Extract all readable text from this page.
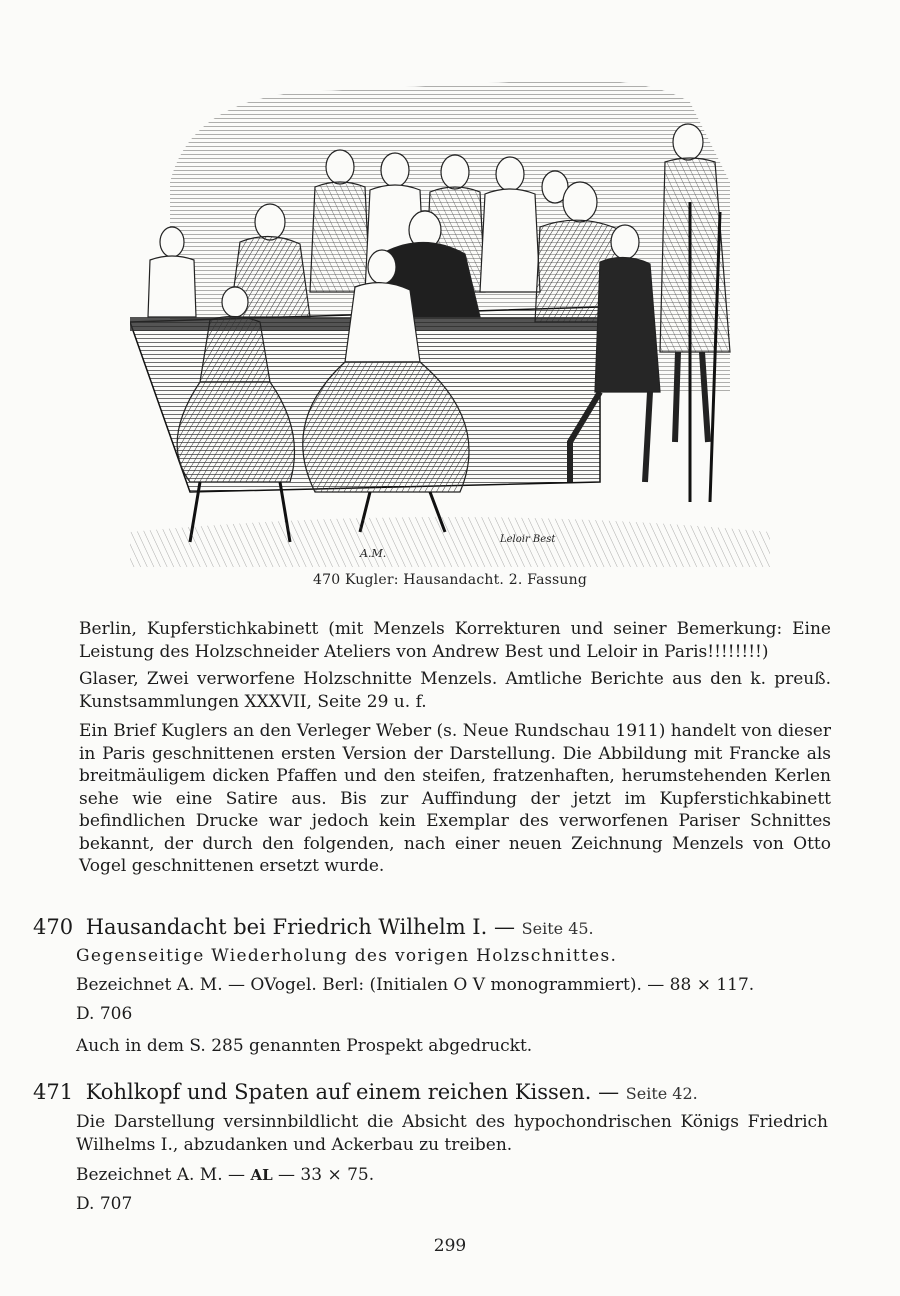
A.M.
Leloir Best
470 Kugler: Hausandacht. 2. Fassung
Berlin, Kupferstichkabinett (mit Menzels Korrekturen und seiner Bemerkung: Eine Leistung des Holzschneider Ateliers von Andrew Best und Leloir in Paris!!!!!!!!)
Glaser, Zwei verworfene Holzschnitte Menzels. Amtliche Berichte aus den k. preuß. Kunstsammlungen XXXVII, Seite 29 u. f.
Ein Brief Kuglers an den Verleger Weber (s. Neue Rundschau 1911) handelt von dieser in Paris geschnittenen ersten Version der Darstellung. Die Abbildung mit Francke als breitmäuligem dicken Pfaffen und den steifen, fratzenhaften, herumstehenden Kerlen sehe wie eine Satire aus. Bis zur Auffindung der jetzt im Kupferstichkabinett befindlichen Drucke war jedoch kein Exemplar des verworfenen Pariser Schnittes bekannt, der durch den folgenden, nach einer neuen Zeichnung Menzels von Otto Vogel geschnittenen ersetzt wurde.
470 Hausandacht bei Friedrich Wilhelm I. — Seite 45.
Gegenseitige Wiederholung des vorigen Holzschnittes.
Bezeichnet A. M. — OVogel. Berl: (Initialen O V monogrammiert). — 88 × 117.
D. 706
Auch in dem S. 285 genannten Prospekt abgedruckt.
471 Kohlkopf und Spaten auf einem reichen Kissen. — Seite 42.
Die Darstellung versinnbildlicht die Absicht des hypochondrischen Königs Friedrich Wilhelms I., abzudanken und Ackerbau zu treiben.
Bezeichnet A. M. — AL — 33 × 75.
D. 707
299
